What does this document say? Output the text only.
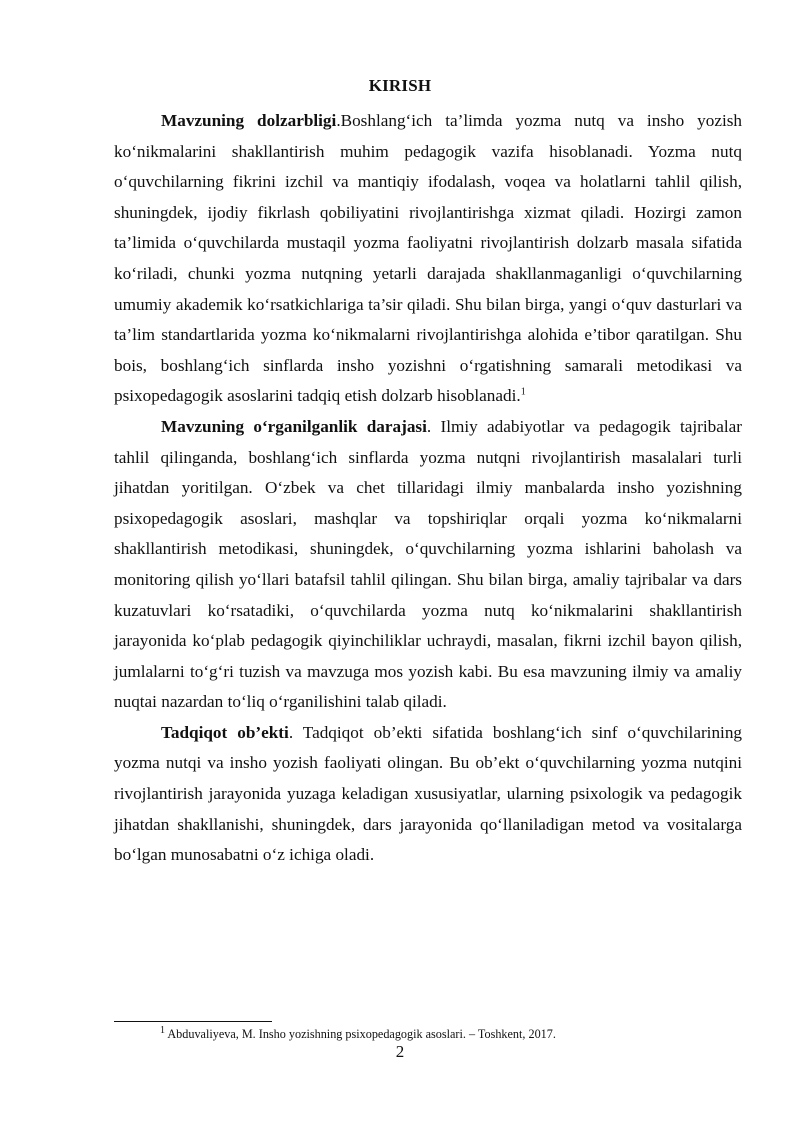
KIRISH

Mavzuning dolzarbligi.Boshlang‘ich ta’limda yozma nutq va insho yozish ko‘nikmalarini shakllantirish muhim pedagogik vazifa hisoblanadi. Yozma nutq o‘quvchilarning fikrini izchil va mantiqiy ifodalash, voqea va holatlarni tahlil qilish, shuningdek, ijodiy fikrlash qobiliyatini rivojlantirishga xizmat qiladi. Hozirgi zamon ta’limida o‘quvchilarda mustaqil yozma faoliyatni rivojlantirish dolzarb masala sifatida ko‘riladi, chunki yozma nutqning yetarli darajada shakllanmaganligi o‘quvchilarning umumiy akademik ko‘rsatkichlariga ta’sir qiladi. Shu bilan birga, yangi o‘quv dasturlari va ta’lim standartlarida yozma ko‘nikmalarni rivojlantirishga alohida e’tibor qaratilgan. Shu bois, boshlang‘ich sinflarda insho yozishni o‘rgatishning samarali metodikasi va psixopedagogik asoslarini tadqiq etish dolzarb hisoblanadi.$^1$

Mavzuning o‘rganilganlik darajasi. Ilmiy adabiyotlar va pedagogik tajribalar tahlil qilinganda, boshlang‘ich sinflarda yozma nutqni rivojlantirish masalalari turli jihatdan yoritilgan. O‘zbek va chet tillaridagi ilmiy manbalarda insho yozishning psixopedagogik asoslari, mashqlar va topshiriqlar orqali yozma ko‘nikmalarni shakllantirish metodikasi, shuningdek, o‘quvchilarning yozma ishlarini baholash va monitoring qilish yo‘llari batafsil tahlil qilingan. Shu bilan birga, amaliy tajribalar va dars kuzatuvlari ko‘rsatadiki, o‘quvchilarda yozma nutq ko‘nikmalarini shakllantirish jarayonida ko‘plab pedagogik qiyinchiliklar uchraydi, masalan, fikrni izchil bayon qilish, jumlalarni to‘g‘ri tuzish va mavzuga mos yozish kabi. Bu esa mavzuning ilmiy va amaliy nuqtai nazardan to‘liq o‘rganilishini talab qiladi.

Tadqiqot ob’ekti. Tadqiqot ob’ekti sifatida boshlang‘ich sinf o‘quvchilarining yozma nutqi va insho yozish faoliyati olingan. Bu ob’ekt o‘quvchilarning yozma nutqini rivojlantirish jarayonida yuzaga keladigan xususiyatlar, ularning psixologik va pedagogik jihatdan shakllanishi, shuningdek, dars jarayonida qo‘llaniladigan metod va vositalarga bo‘lgan munosabatni o‘z ichiga oladi.

$^1$ Abduvaliyeva, M. Insho yozishning psixopedagogik asoslari. – Toshkent, 2017.
2
